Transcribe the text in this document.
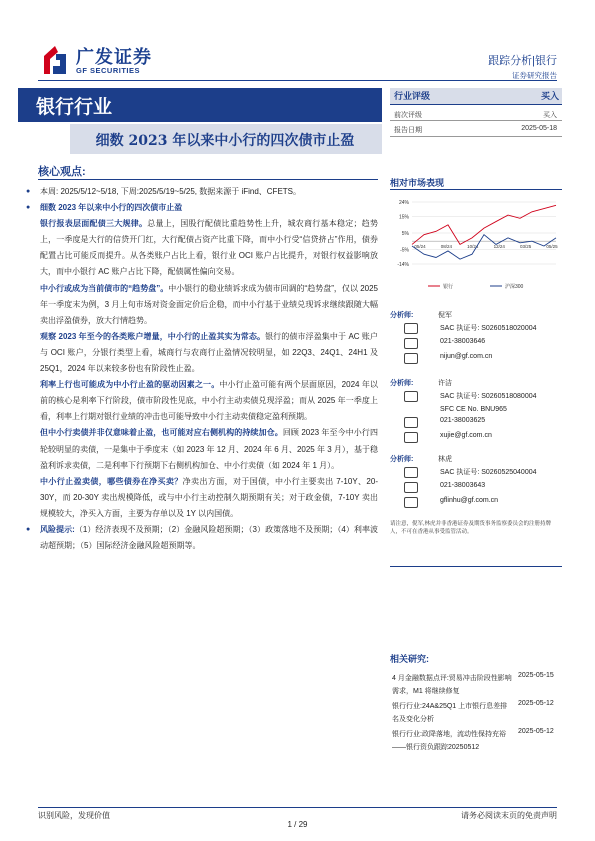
广发证券
GF SECURITIES
跟踪分析|银行
证券研究报告
银行行业
细数 2023 年以来中小行的四次债市止盈
行业评级	买入
前次评级	买入
报告日期	2025-05-18
核心观点:

● 本周: 2025/5/12~5/18, 下周:2025/5/19~5/25, 数据来源于 iFind、CFETS。

● 细数 2023 年以来中小行的四次债市止盈

银行报表层面配债三大规律。总量上，国股行配债比重趋势性上升，城农商行基本稳定；趋势上，一季度是大行的信贷开门红，大行配债占资产比重下降，而中小行受“信贷挤占”作用，债券配置占比可能反而提升。从各类账户占比上看，银行业 OCI 账户占比提升，对银行权益影响放大，而中小银行 AC 账户占比下降，配债属性偏向交易。

中小行或成为当前债市的“趋势盘”。中小银行的稳业绩诉求成为债市回调的“趋势盘”，仅以 2025 年一季度末为例，3 月上旬市场对资金面定价后企稳，而中小行基于业绩兑现诉求继续跟随大幅卖出浮盈债券，放大行情趋势。

观察 2023 年至今的各类账户增量，中小行的止盈其实为常态。银行的债市浮盈集中于 AC 账户与 OCI 账户，分银行类型上看，城商行与农商行止盈情况较明显，如 22Q3、24Q1、24H1 及 25Q1，2024 年以来较多份也有阶段性止盈。

利率上行也可能成为中小行止盈的驱动因素之一。中小行止盈可能有两个层面原因，2024 年以前的核心是利率下行阶段，债市阶段性见底，中小行主动卖债兑现浮盈；而从 2025 年一季度上看，利率上行期对银行业绩的冲击也可能导致中小行主动卖债稳定盈利预期。

但中小行卖债并非仅意味着止盈，也可能对应右侧机构的持续加仓。回顾 2023 年至今中小行四轮较明显的卖债，一是集中于季度末（如 2023 年 12 月、2024 年 6 月、2025 年 3 月），基于稳盈利诉求卖债，二是利率下行预期下右侧机构加仓、中小行卖债（如 2024 年 1 月）。

中小行止盈卖债，哪些债券在净买卖？净卖出方面，对于国债，中小行主要卖出 7-10Y、20-30Y，而 20-30Y 卖出规模降低，或与中小行主动控制久期预期有关；对于政金债，7-10Y 卖出规模较大，净买入方面，主要为存单以及 1Y 以内国债。

● 风险提示:（1）经济表现不及预期；（2）金融风险超预期；（3）政策落地不及预期；（4）利率波动超预期；（5）国际经济金融风险超预期等。

相对市场表现
24%
15%
5%
-5%
-14%
05/24	08/24	10/24	12/24	03/25	05/25
银行	沪深300
分析师:	倪军
SAC 执证号: S0260518020004
021-38003646
nijun@gf.com.cn
分析师:	许洁
SAC 执证号: S0260518080004
SFC CE No. BNU965
021-38003625
xujie@gf.com.cn
分析师:	林虎
SAC 执证号: S0260525040004
021-38003643
gflinhu@gf.com.cn
请注意，倪军,林虎并非香港证券及期货事务监察委员会的注册持牌人，不可在香港从事受监管活动。
相关研究:
4 月金融数据点评:贸易冲击阶段性影响需求，M1 将继续修复
2025-05-15
银行行业:24A&25Q1 上市银行息差排名及变化分析
2025-05-12
银行行业:政降落地，流动性保持充裕——银行资负跟踪20250512
2025-05-12
识别风险，发现价值	请务必阅读末页的免责声明
1 / 29
